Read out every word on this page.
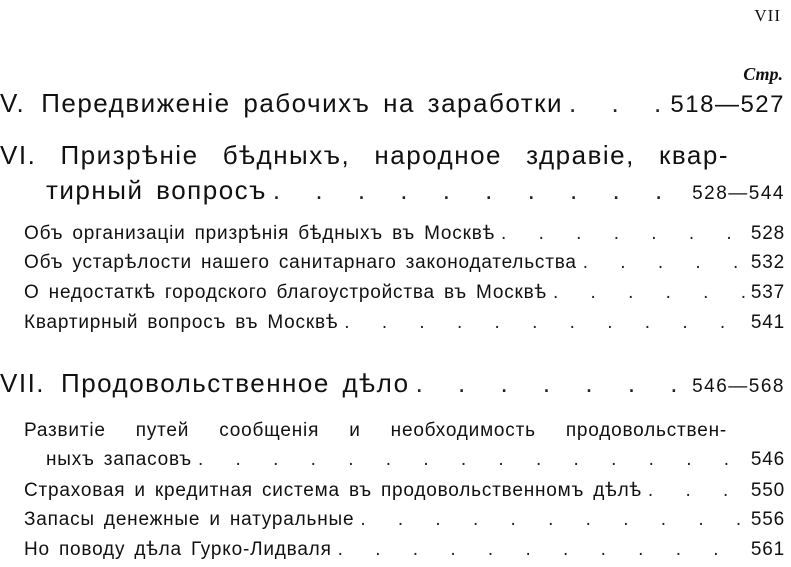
VII
Стр.
V. Передвиженіе рабочихъ на заработки . . .	518—527
VI. Призрѣніе бѣдныхъ, народное здравіе, квар-
тирный вопросъ . . .	528—544
Объ организаціи призрѣнія бѣдныхъ въ Москвѣ . . .	528
Объ устарѣлости нашего санитарнаго законодательства . . .	532
О недостаткѣ городского благоустройства въ Москвѣ . . .	537
Квартирный вопросъ въ Москвѣ . . .	541
VII. Продовольственное дѣло . . .	546—568
Развитіе путей сообщенія и необходимость продовольствен-
ныхъ запасовъ . . .	546
Страховая и кредитная система въ продовольственномъ дѣлѣ . . .	550
Запасы денежные и натуральные . . .	556
Но поводу дѣла Гурко-Лидваля . . .	561
